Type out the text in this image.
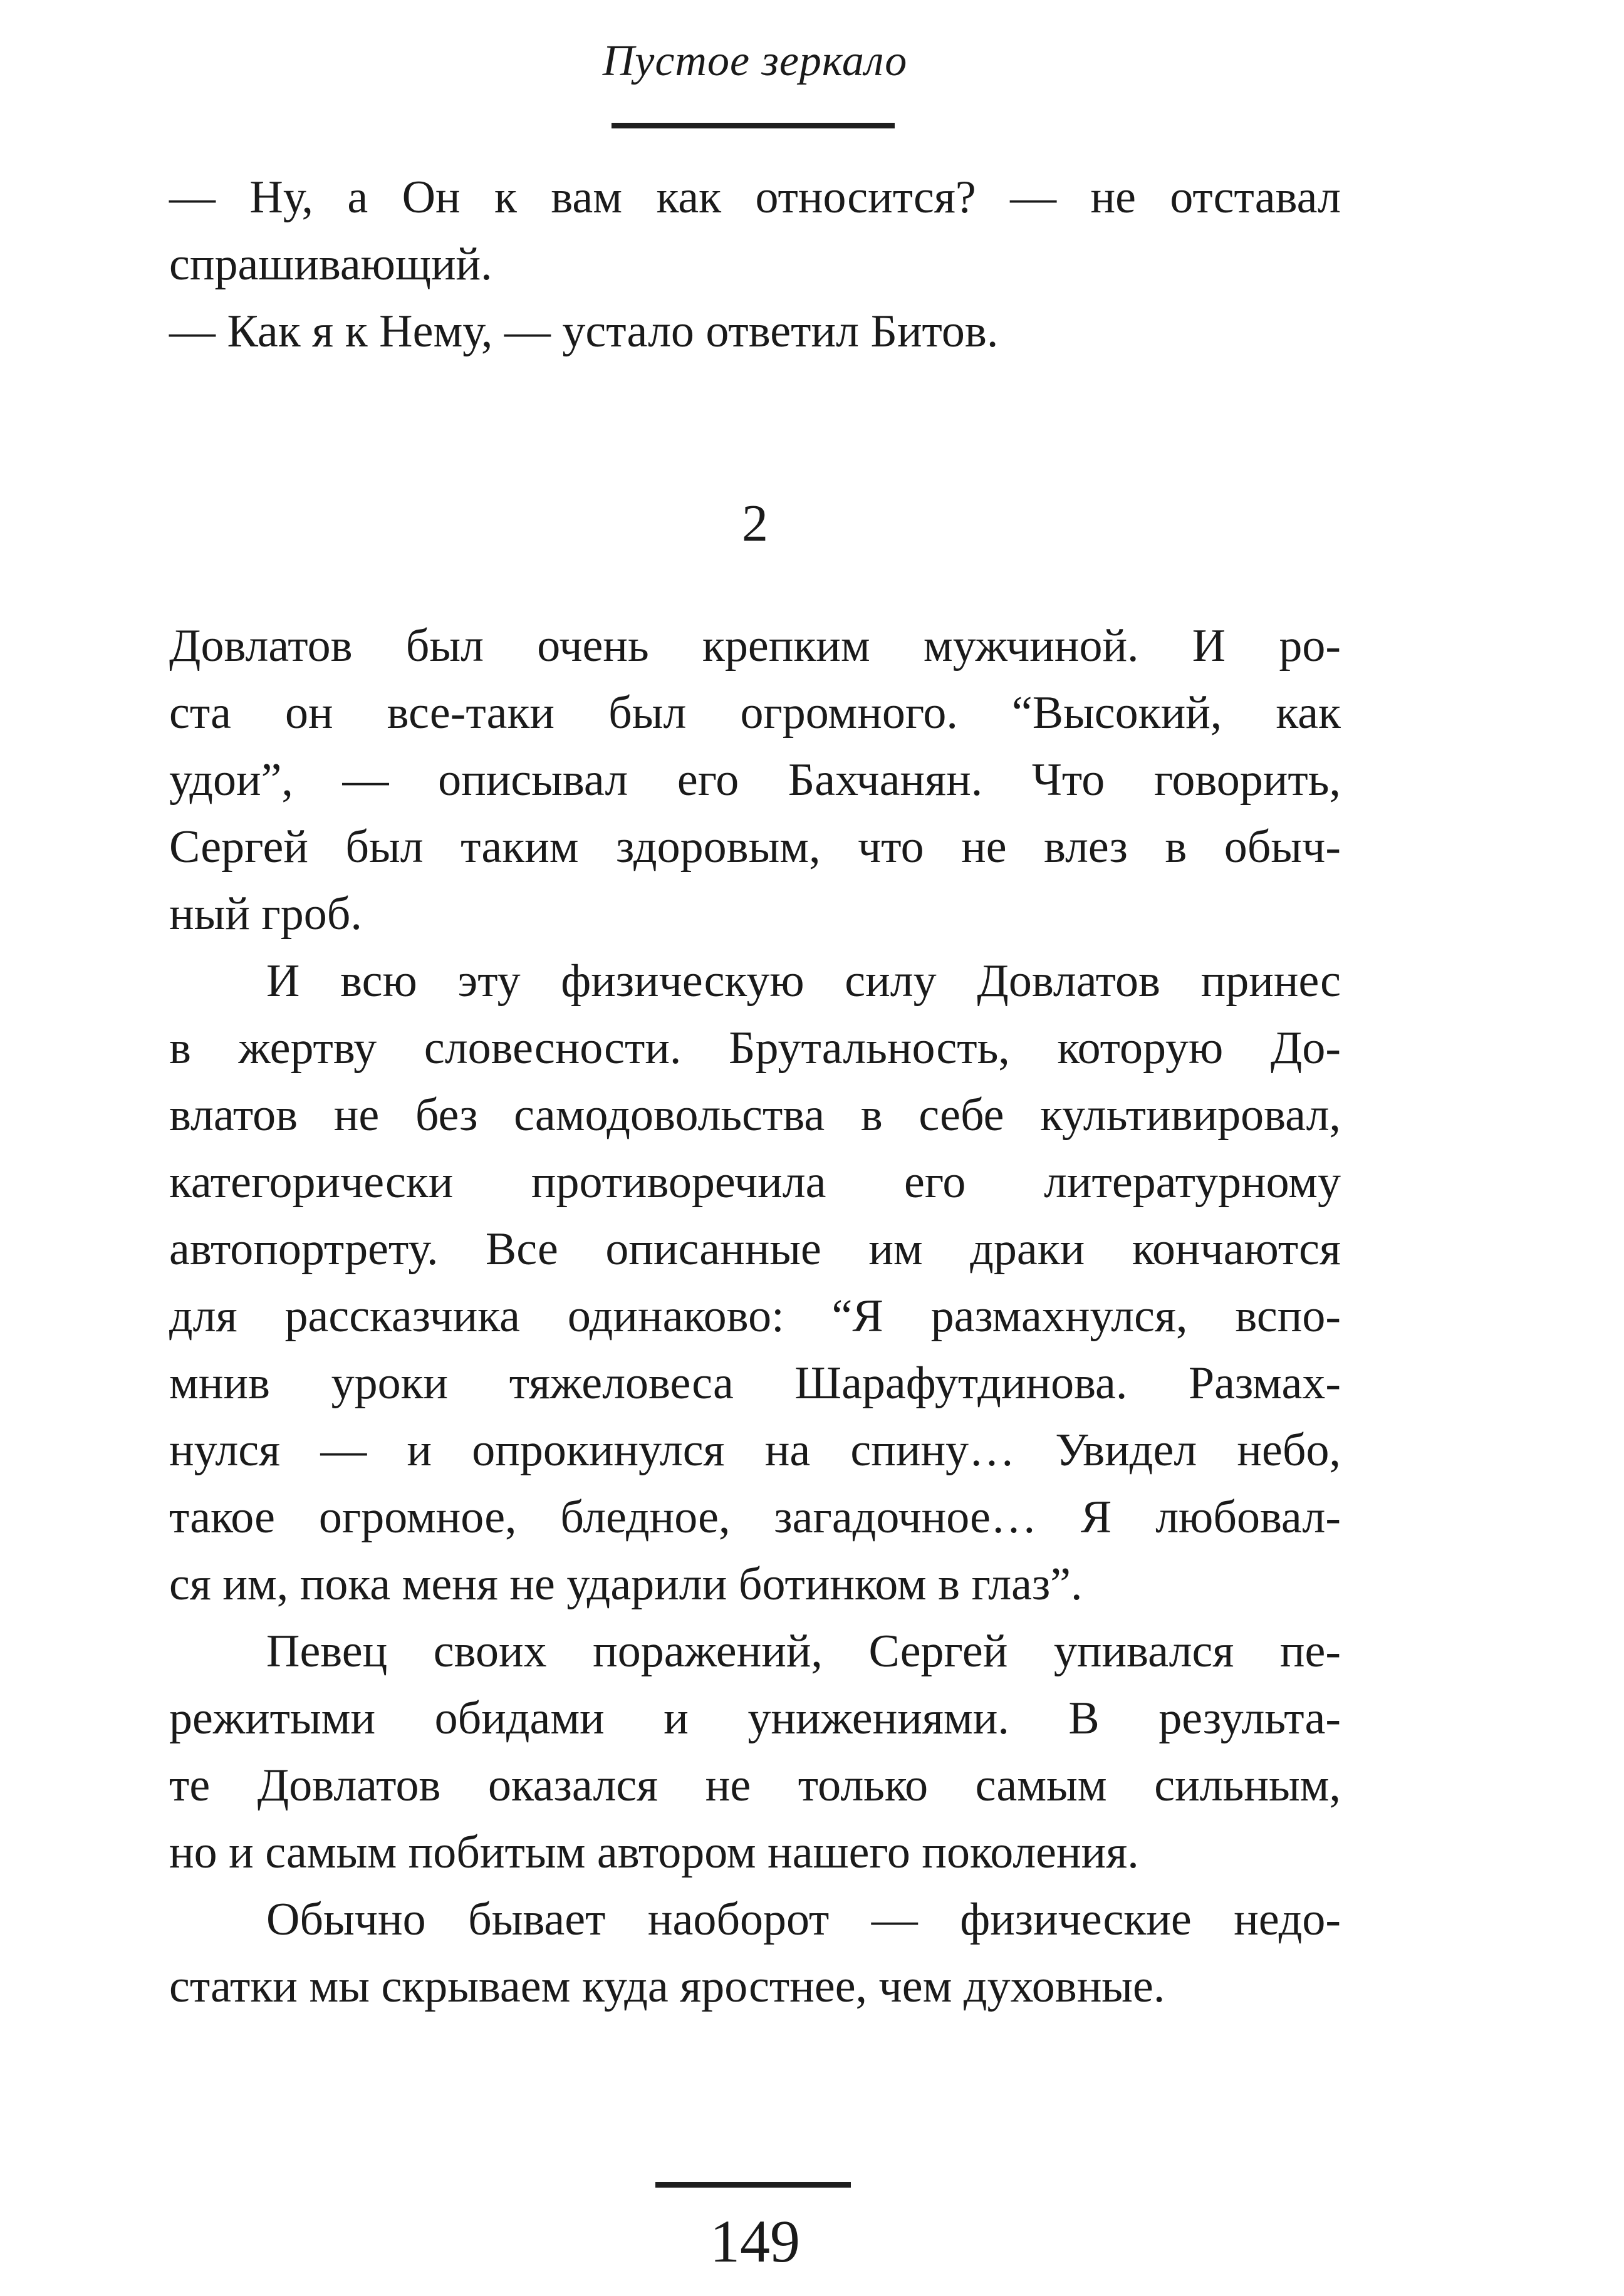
Пустое зеркало
— Ну, а Он к вам как относится? — не отставал
спрашивающий.
— Как я к Нему, — устало ответил Битов.
2
Довлатов был очень крепким мужчиной. И ро-
ста он все-таки был огромного. “Высокий, как
удои”, — описывал его Бахчанян. Что говорить,
Сергей был таким здоровым, что не влез в обыч-
ный гроб.
И всю эту физическую силу Довлатов принес
в жертву словесности. Брутальность, которую До-
влатов не без самодовольства в себе культивировал,
категорически противоречила его литературному
автопортрету. Все описанные им драки кончаются
для рассказчика одинаково: “Я размахнулся, вспо-
мнив уроки тяжеловеса Шарафутдинова. Размах-
нулся — и опрокинулся на спину… Увидел небо,
такое огромное, бледное, загадочное… Я любовал-
ся им, пока меня не ударили ботинком в глаз”.
Певец своих поражений, Сергей упивался пе-
режитыми обидами и унижениями. В результа-
те Довлатов оказался не только самым сильным,
но и самым побитым автором нашего поколения.
Обычно бывает наоборот — физические недо-
статки мы скрываем куда яростнее, чем духовные.
149
